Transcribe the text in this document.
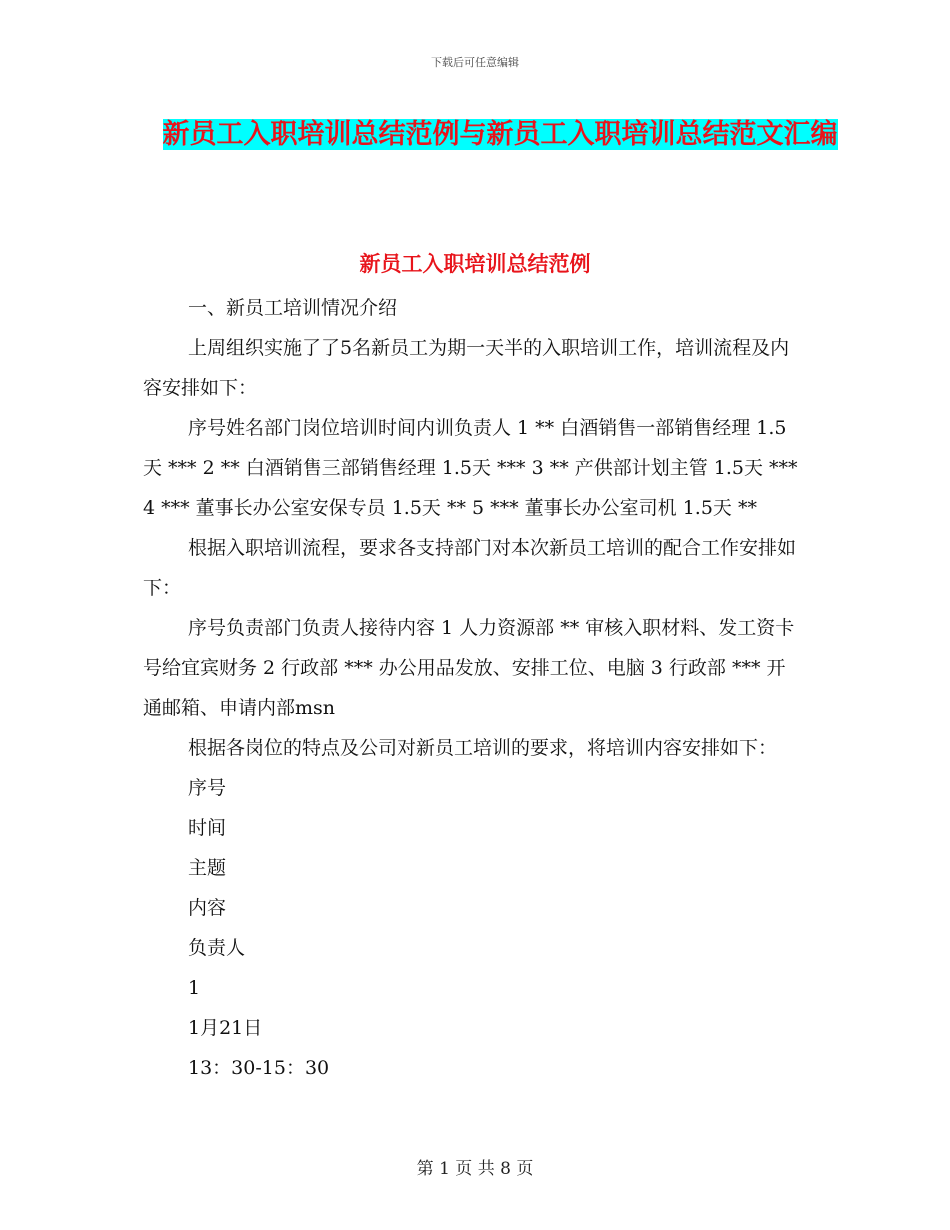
下载后可任意编辑
新员工入职培训总结范例与新员工入职培训总结范文汇编
新员工入职培训总结范例

一、新员工培训情况介绍

上周组织实施了了5名新员工为期一天半的入职培训工作，培训流程及内容安排如下：

序号姓名部门岗位培训时间内训负责人 1 ** 白酒销售一部销售经理 1.5天 *** 2 ** 白酒销售三部销售经理 1.5天 *** 3 ** 产供部计划主管 1.5天 *** 4 *** 董事长办公室安保专员 1.5天 ** 5 *** 董事长办公室司机 1.5天 **

根据入职培训流程，要求各支持部门对本次新员工培训的配合工作安排如下：

序号负责部门负责人接待内容 1 人力资源部 ** 审核入职材料、发工资卡号给宜宾财务 2 行政部 *** 办公用品发放、安排工位、电脑 3 行政部 *** 开通邮箱、申请内部msn

根据各岗位的特点及公司对新员工培训的要求，将培训内容安排如下：

序号

时间

主题

内容

负责人

1

1月21日

13：30-15：30

第 1 页 共 8 页
